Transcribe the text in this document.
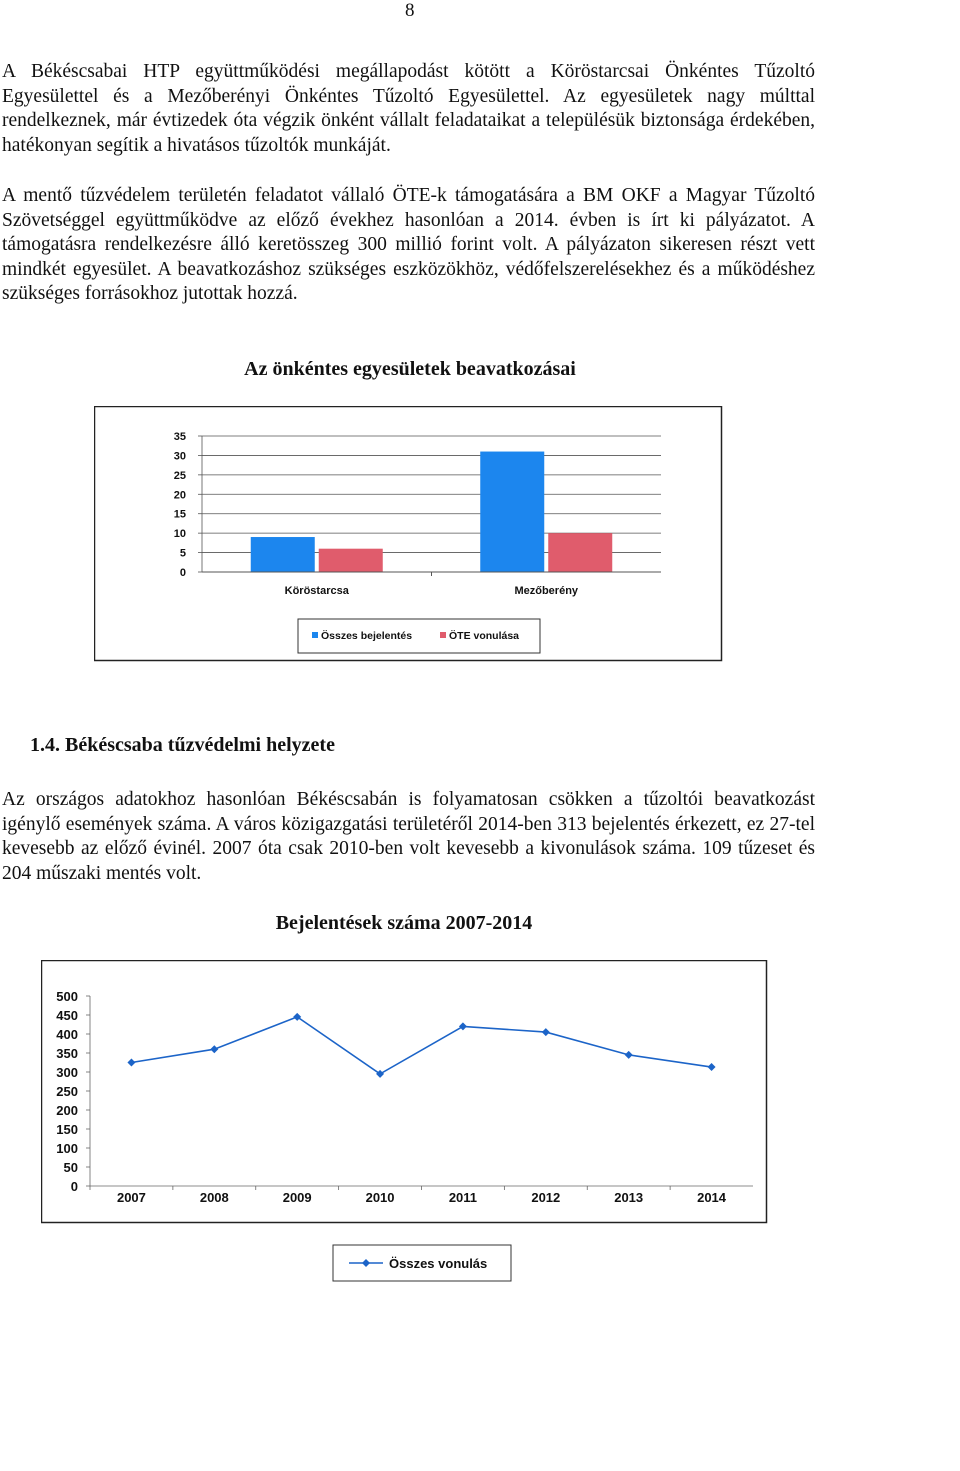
8

A Békéscsabai HTP együttműködési megállapodást kötött a Köröstarcsai Önkéntes Tűzoltó Egyesülettel és a Mezőberényi Önkéntes Tűzoltó Egyesülettel. Az egyesületek nagy múlttal rendelkeznek, már évtizedek óta végzik önként vállalt feladataikat a településük biztonsága érdekében, hatékonyan segítik a hivatásos tűzoltók munkáját.

A mentő tűzvédelem területén feladatot vállaló ÖTE-k támogatására a BM OKF a Magyar Tűzoltó Szövetséggel együttműködve az előző évekhez hasonlóan a 2014. évben is írt ki pályázatot. A támogatásra rendelkezésre álló keretösszeg 300 millió forint volt. A pályázaton sikeresen részt vett mindkét egyesület. A beavatkozáshoz szükséges eszközökhöz, védőfelszerelésekhez és a működéshez szükséges forrásokhoz jutottak hozzá.

Az önkéntes egyesületek beavatkozásai
0
5
10
15
20
25
30
35
Köröstarcsa	Mezőberény
Összes bejelentés	ÖTE vonulása
1.4. Békéscsaba tűzvédelmi helyzete

Az országos adatokhoz hasonlóan Békéscsabán is folyamatosan csökken a tűzoltói beavatkozást igénylő események száma. A város közigazgatási területéről 2014-ben 313 bejelentés érkezett, ez 27-tel kevesebb az előző évinél. 2007 óta csak 2010-ben volt kevesebb a kivonulások száma. 109 tűzeset és 204 műszaki mentés volt.

Bejelentések száma 2007-2014
0
50
100
150
200
250
300
350
400
450
500
2007	2008	2009	2010	2011	2012	2013	2014
Összes vonulás
